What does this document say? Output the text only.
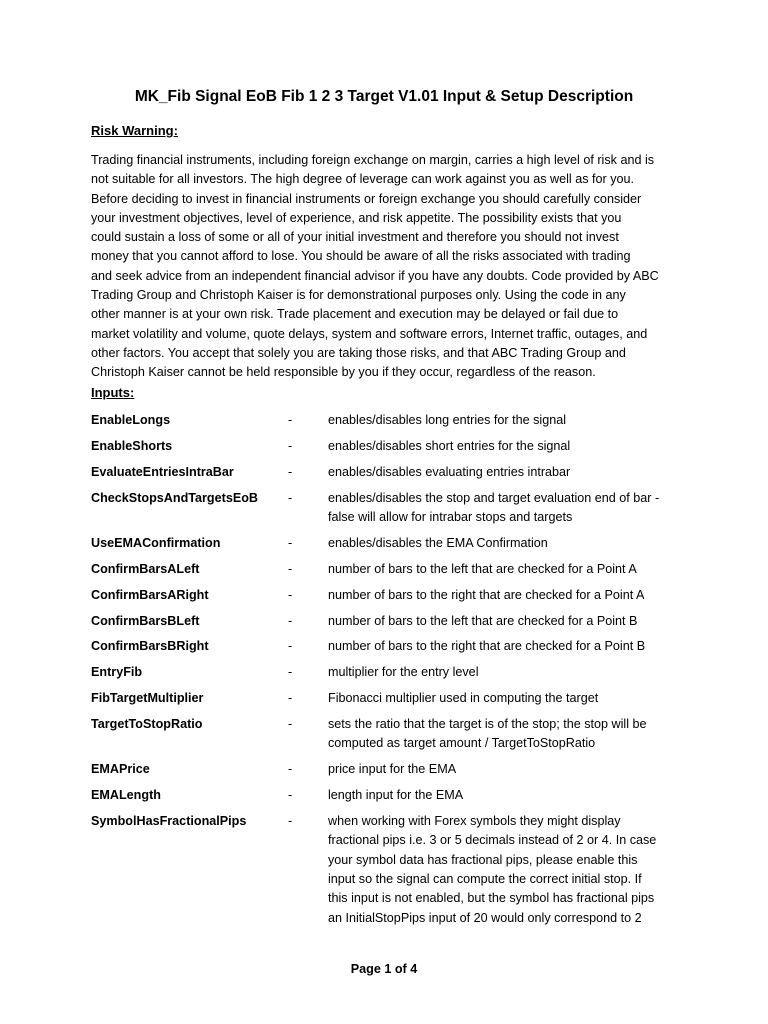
MK_Fib Signal EoB Fib 1 2 3 Target V1.01 Input & Setup Description
Risk Warning:

Trading financial instruments, including foreign exchange on margin, carries a high level of risk and is
not suitable for all investors. The high degree of leverage can work against you as well as for you.
Before deciding to invest in financial instruments or foreign exchange you should carefully consider
your investment objectives, level of experience, and risk appetite. The possibility exists that you
could sustain a loss of some or all of your initial investment and therefore you should not invest
money that you cannot afford to lose. You should be aware of all the risks associated with trading
and seek advice from an independent financial advisor if you have any doubts. Code provided by ABC
Trading Group and Christoph Kaiser is for demonstrational purposes only. Using the code in any
other manner is at your own risk. Trade placement and execution may be delayed or fail due to
market volatility and volume, quote delays, system and software errors, Internet traffic, outages, and
other factors. You accept that solely you are taking those risks, and that ABC Trading Group and
Christoph Kaiser cannot be held responsible by you if they occur, regardless of the reason.

Inputs:
EnableLongs	-	enables/disables long entries for the signal
EnableShorts	-	enables/disables short entries for the signal
EvaluateEntriesIntraBar	-	enables/disables evaluating entries intrabar
CheckStopsAndTargetsEoB	-	enables/disables the stop and target evaluation end of bar -
false will allow for intrabar stops and targets
UseEMAConfirmation	-	enables/disables the EMA Confirmation
ConfirmBarsALeft	-	number of bars to the left that are checked for a Point A
ConfirmBarsARight	-	number of bars to the right that are checked for a Point A
ConfirmBarsBLeft	-	number of bars to the left that are checked for a Point B
ConfirmBarsBRight	-	number of bars to the right that are checked for a Point B
EntryFib	-	multiplier for the entry level
FibTargetMultiplier	-	Fibonacci multiplier used in computing the target
TargetToStopRatio	-	sets the ratio that the target is of the stop; the stop will be
computed as target amount / TargetToStopRatio
EMAPrice	-	price input for the EMA
EMALength	-	length input for the EMA
SymbolHasFractionalPips	-	when working with Forex symbols they might display
fractional pips i.e. 3 or 5 decimals instead of 2 or 4. In case
your symbol data has fractional pips, please enable this
input so the signal can compute the correct initial stop. If
this input is not enabled, but the symbol has fractional pips
an InitialStopPips input of 20 would only correspond to 2
Page 1 of 4
